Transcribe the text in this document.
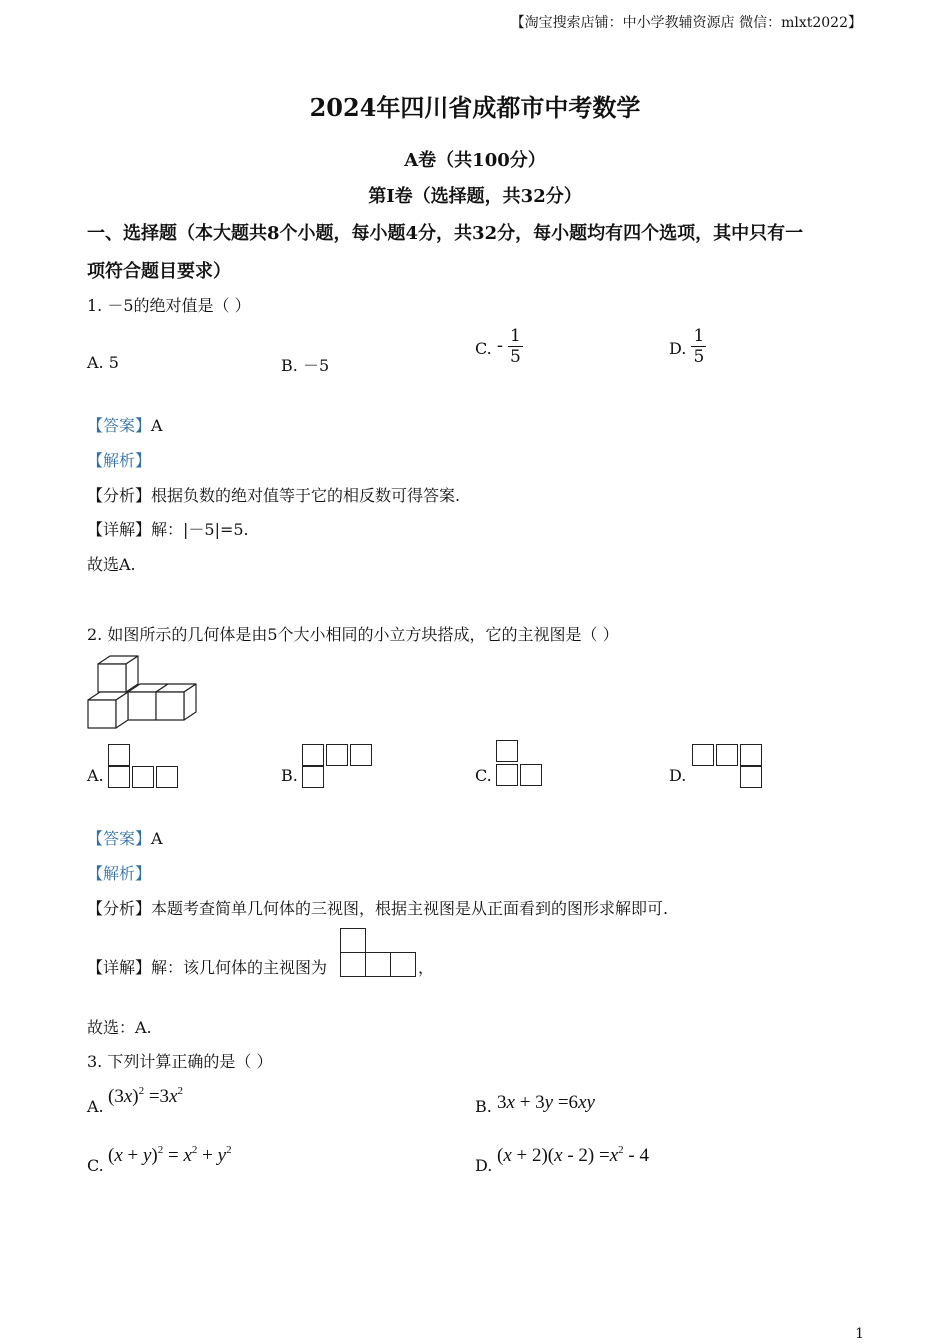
【淘宝搜索店铺：中小学教辅资源店 微信：mlxt2022】
2024年四川省成都市中考数学
A卷（共100分）
第I卷（选择题，共32分）
一、选择题（本大题共8个小题，每小题4分，共32分，每小题均有四个选项，其中只有一
项符合题目要求）
1. －5的绝对值是（ ）
A. 5	B. －5
C. - $\frac{1}{5}$	D. $\frac{1}{5}$
【答案】A
【解析】
【分析】根据负数的绝对值等于它的相反数可得答案.
【详解】解：|－5|=5.
故选A.
2. 如图所示的几何体是由5个大小相同的小立方块搭成，它的主视图是（ ）
A.	B.	C.	D.
【答案】A
【解析】
【分析】本题考查简单几何体的三视图，根据主视图是从正面看到的图形求解即可.
【详解】解：该几何体的主视图为	，
故选：A.
3. 下列计算正确的是（ ）
A. $(3x)^2 =3x^2$
B. 3x + 3y =6xy
C. $(x + y)^2 = x^2 + y^2$
D. $(x + 2)(x - 2) =x^2 - 4$
1
